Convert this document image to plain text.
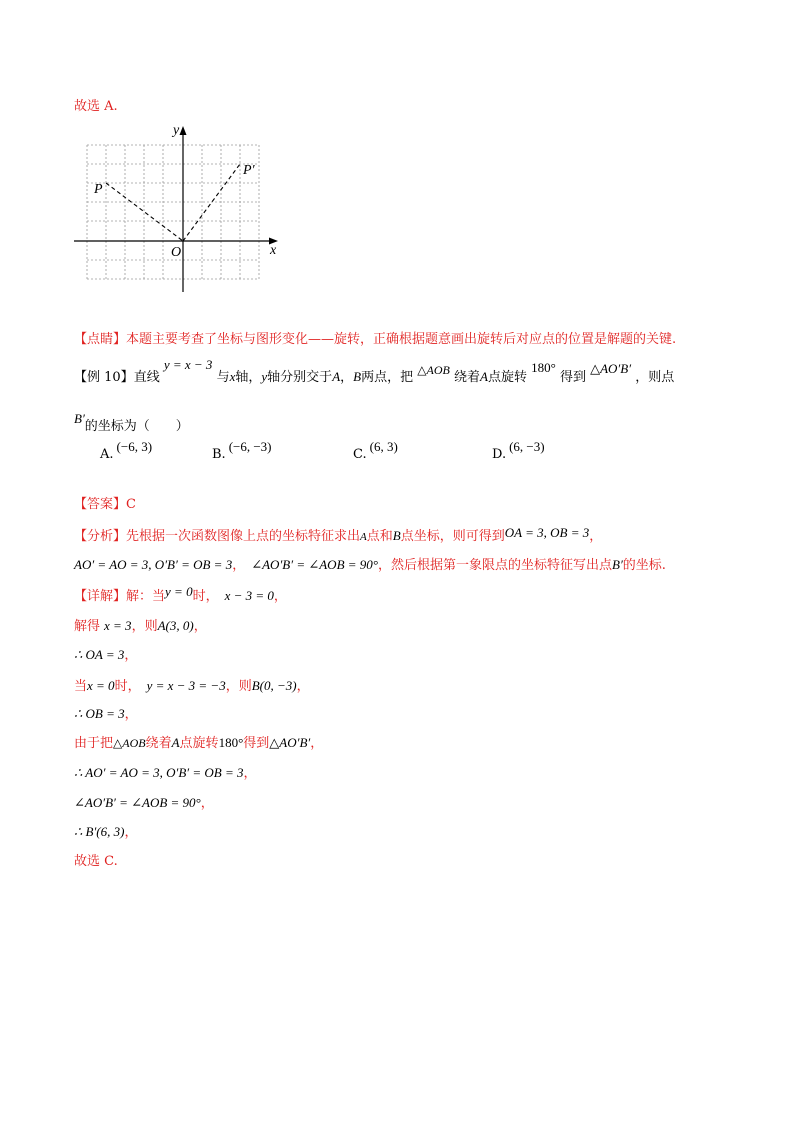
故选 A.
y
x
O
P
P′
【点睛】本题主要考查了坐标与图形变化——旋转，正确根据题意画出旋转后对应点的位置是解题的关键.
【例 10】直线 y = x − 3 与x轴，y轴分别交于A，B两点，把 △AOB 绕着A点旋转 180° 得到 △AO′B′ ，则点
B′的坐标为（　　）
A.(−6, 3)
B.(−6, −3)
C.(6, 3)
D.(6, −3)
【答案】C
【分析】先根据一次函数图像上点的坐标特征求出A点和B点坐标，则可得到OA = 3, OB = 3，
AO′ = AO = 3, O′B′ = OB = 3， ∠AO′B′ = ∠AOB = 90°，然后根据第一象限点的坐标特征写出点B′的坐标.
【详解】解：当y = 0时， x − 3 = 0，
解得 x = 3，则A(3, 0)，
∴ OA = 3，
当x = 0时， y = x − 3 = −3，则B(0, −3)，
∴ OB = 3，
由于把△AOB绕着A点旋转180°得到△AO′B′，
∴ AO′ = AO = 3, O′B′ = OB = 3，
∠AO′B′ = ∠AOB = 90°，
∴ B′(6, 3)，
故选 C.
